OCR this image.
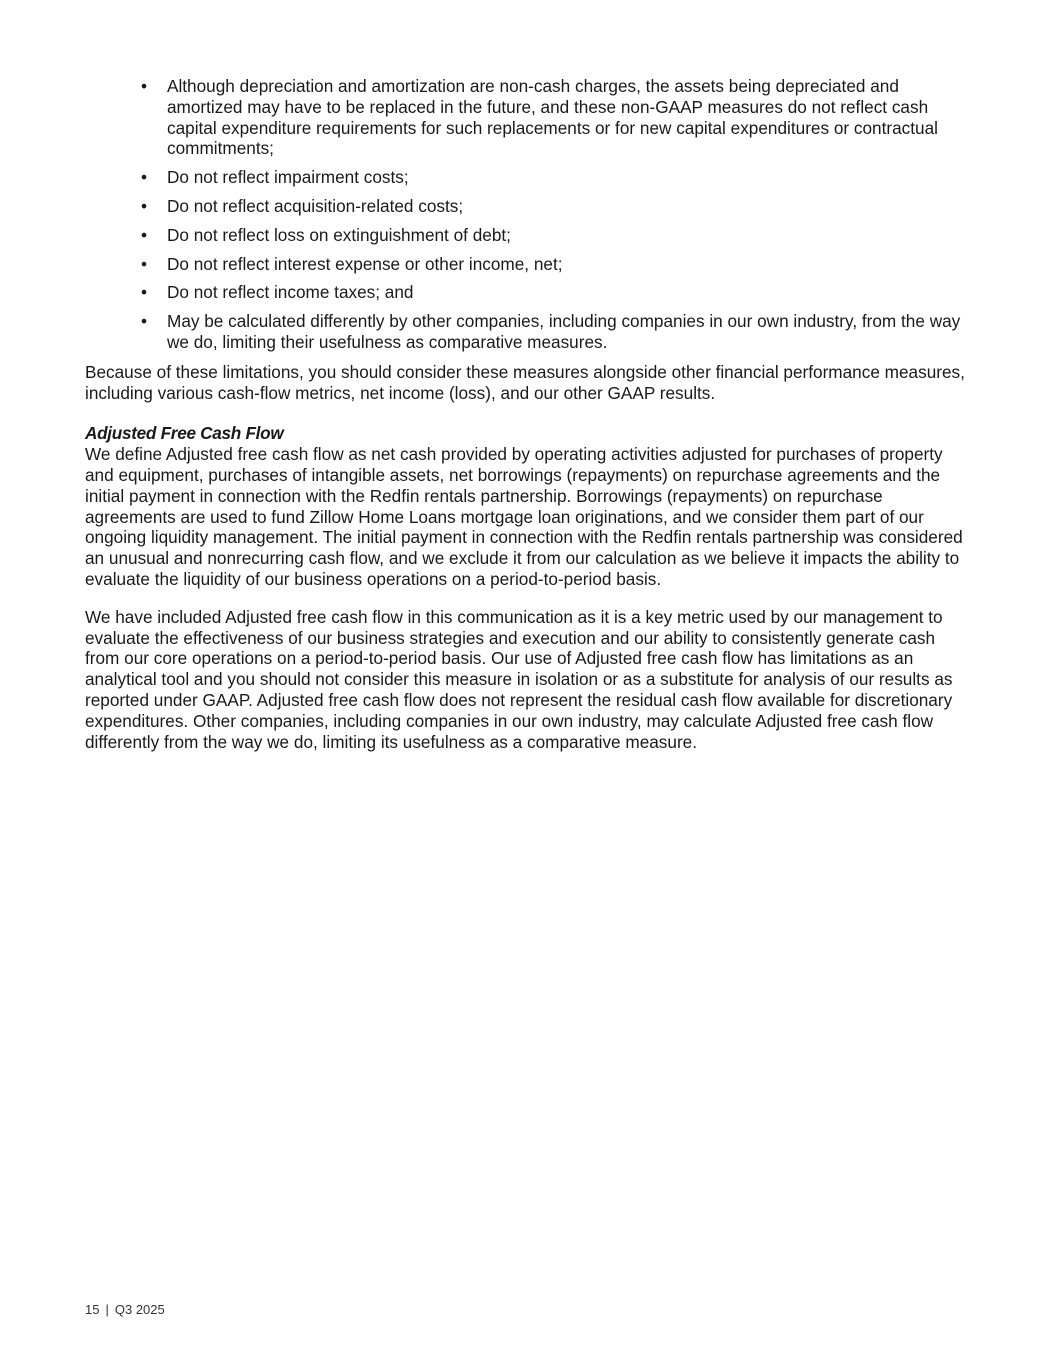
• Although depreciation and amortization are non-cash charges, the assets being depreciated and amortized may have to be replaced in the future, and these non-GAAP measures do not reflect cash capital expenditure requirements for such replacements or for new capital expenditures or contractual commitments;
• Do not reflect impairment costs;
• Do not reflect acquisition-related costs;
• Do not reflect loss on extinguishment of debt;
• Do not reflect interest expense or other income, net;
• Do not reflect income taxes; and
• May be calculated differently by other companies, including companies in our own industry, from the way we do, limiting their usefulness as comparative measures.

Because of these limitations, you should consider these measures alongside other financial performance measures, including various cash-flow metrics, net income (loss), and our other GAAP results.

Adjusted Free Cash Flow

We define Adjusted free cash flow as net cash provided by operating activities adjusted for purchases of property and equipment, purchases of intangible assets, net borrowings (repayments) on repurchase agreements and the initial payment in connection with the Redfin rentals partnership. Borrowings (repayments) on repurchase agreements are used to fund Zillow Home Loans mortgage loan originations, and we consider them part of our ongoing liquidity management. The initial payment in connection with the Redfin rentals partnership was considered an unusual and nonrecurring cash flow, and we exclude it from our calculation as we believe it impacts the ability to evaluate the liquidity of our business operations on a period-to-period basis.

We have included Adjusted free cash flow in this communication as it is a key metric used by our management to evaluate the effectiveness of our business strategies and execution and our ability to consistently generate cash from our core operations on a period-to-period basis. Our use of Adjusted free cash flow has limitations as an analytical tool and you should not consider this measure in isolation or as a substitute for analysis of our results as reported under GAAP. Adjusted free cash flow does not represent the residual cash flow available for discretionary expenditures. Other companies, including companies in our own industry, may calculate Adjusted free cash flow differently from the way we do, limiting its usefulness as a comparative measure.

15 | Q3 2025
